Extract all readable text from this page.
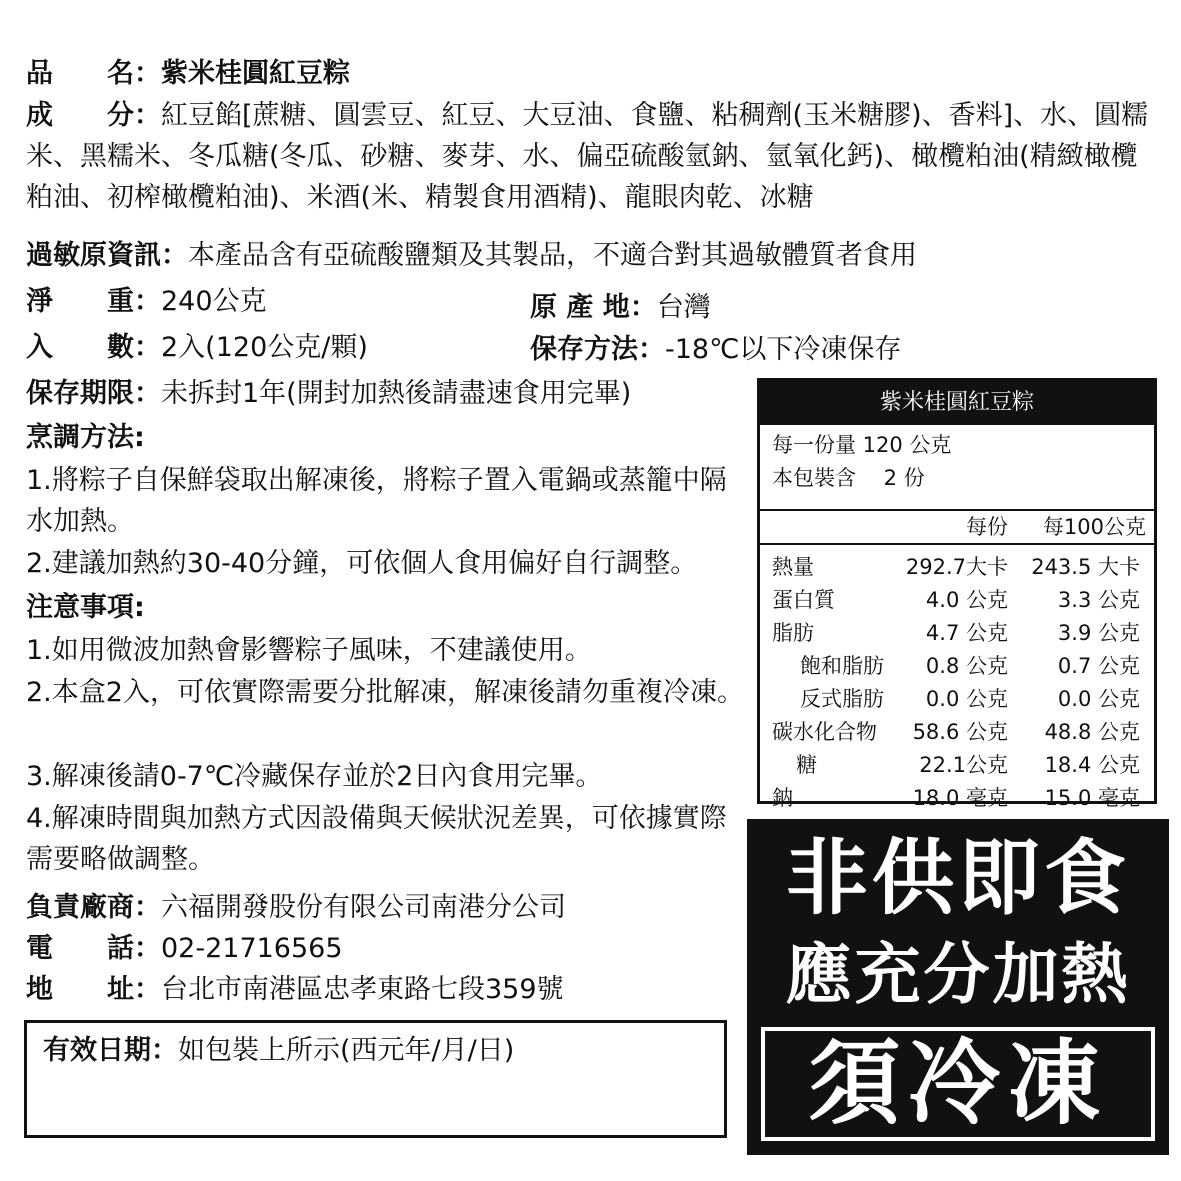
品　　名：紫米桂圓紅豆粽
成　　分：紅豆餡[蔗糖、圓雲豆、紅豆、大豆油、食鹽、粘稠劑(玉米糖膠)、香料]、水、圓糯米、黑糯米、冬瓜糖(冬瓜、砂糖、麥芽、水、偏亞硫酸氫鈉、氫氧化鈣)、橄欖粕油(精緻橄欖粕油、初榨橄欖粕油)、米酒(米、精製食用酒精)、龍眼肉乾、冰糖
過敏原資訊：本產品含有亞硫酸鹽類及其製品，不適合對其過敏體質者食用
淨　　重：240公克	原 產 地：台灣
入　　數：2入(120公克/顆)	保存方法：-18℃以下冷凍保存
保存期限：未拆封1年(開封加熱後請盡速食用完畢)
烹調方法:
1.將粽子自保鮮袋取出解凍後，將粽子置入電鍋或蒸籠中隔水加熱。
2.建議加熱約30-40分鐘，可依個人食用偏好自行調整。
注意事項:
1.如用微波加熱會影響粽子風味，不建議使用。
2.本盒2入，可依實際需要分批解凍，解凍後請勿重複冷凍。
3.解凍後請0-7℃冷藏保存並於2日內食用完畢。
4.解凍時間與加熱方式因設備與天候狀況差異，可依據實際需要略做調整。
負責廠商：六福開發股份有限公司南港分公司
電　　話：02-21716565
地　　址：台北市南港區忠孝東路七段359號
有效日期：如包裝上所示(西元年/月/日)
紫米桂圓紅豆粽
每一份量 120 公克
本包裝含　 2 份
每份 每100公克
熱量	292.7大卡 243.5 大卡
蛋白質	4.0 公克 3.3 公克
脂肪	4.7 公克 3.9 公克
飽和脂肪 0.8 公克 0.7 公克
反式脂肪 0.0 公克 0.0 公克
碳水化合物 58.6 公克 48.8 公克
糖	22.1公克 18.4 公克
鈉	18.0 毫克 15.0 毫克
非供即食
應充分加熱
須冷凍
